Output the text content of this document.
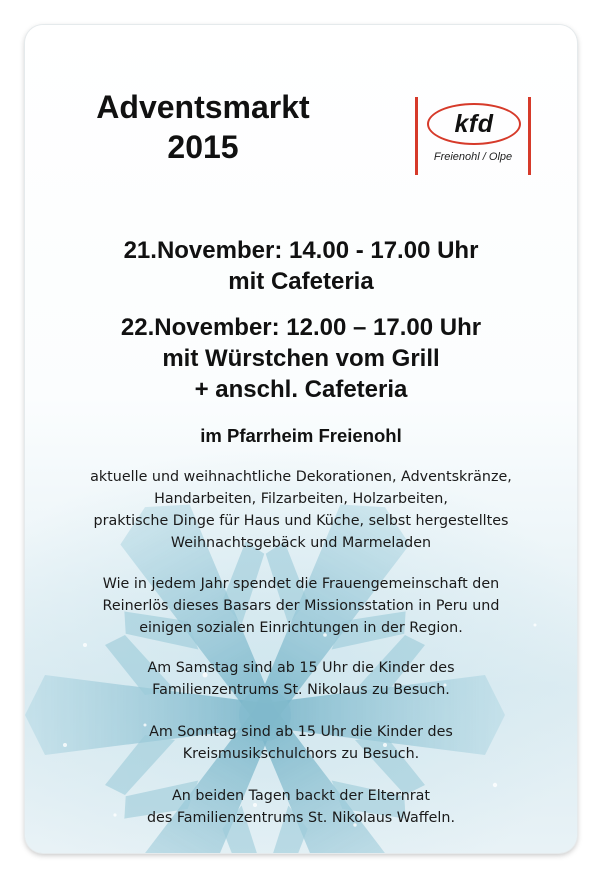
Adventsmarkt
2015
kfd
Freienohl / Olpe
21.November: 14.00 - 17.00 Uhr
mit Cafeteria
22.November: 12.00 – 17.00 Uhr
mit Würstchen vom Grill
+ anschl. Cafeteria
im Pfarrheim Freienohl
aktuelle und weihnachtliche Dekorationen, Adventskränze,
Handarbeiten, Filzarbeiten, Holzarbeiten,
praktische Dinge für Haus und Küche, selbst hergestelltes
Weihnachtsgebäck und Marmeladen
Wie in jedem Jahr spendet die Frauengemeinschaft den
Reinerlös dieses Basars der Missionsstation in Peru und
einigen sozialen Einrichtungen in der Region.
Am Samstag sind ab 15 Uhr die Kinder des
Familienzentrums St. Nikolaus zu Besuch.
Am Sonntag sind ab 15 Uhr die Kinder des
Kreismusikschulchors zu Besuch.
An beiden Tagen backt der Elternrat
des Familienzentrums St. Nikolaus Waffeln.
